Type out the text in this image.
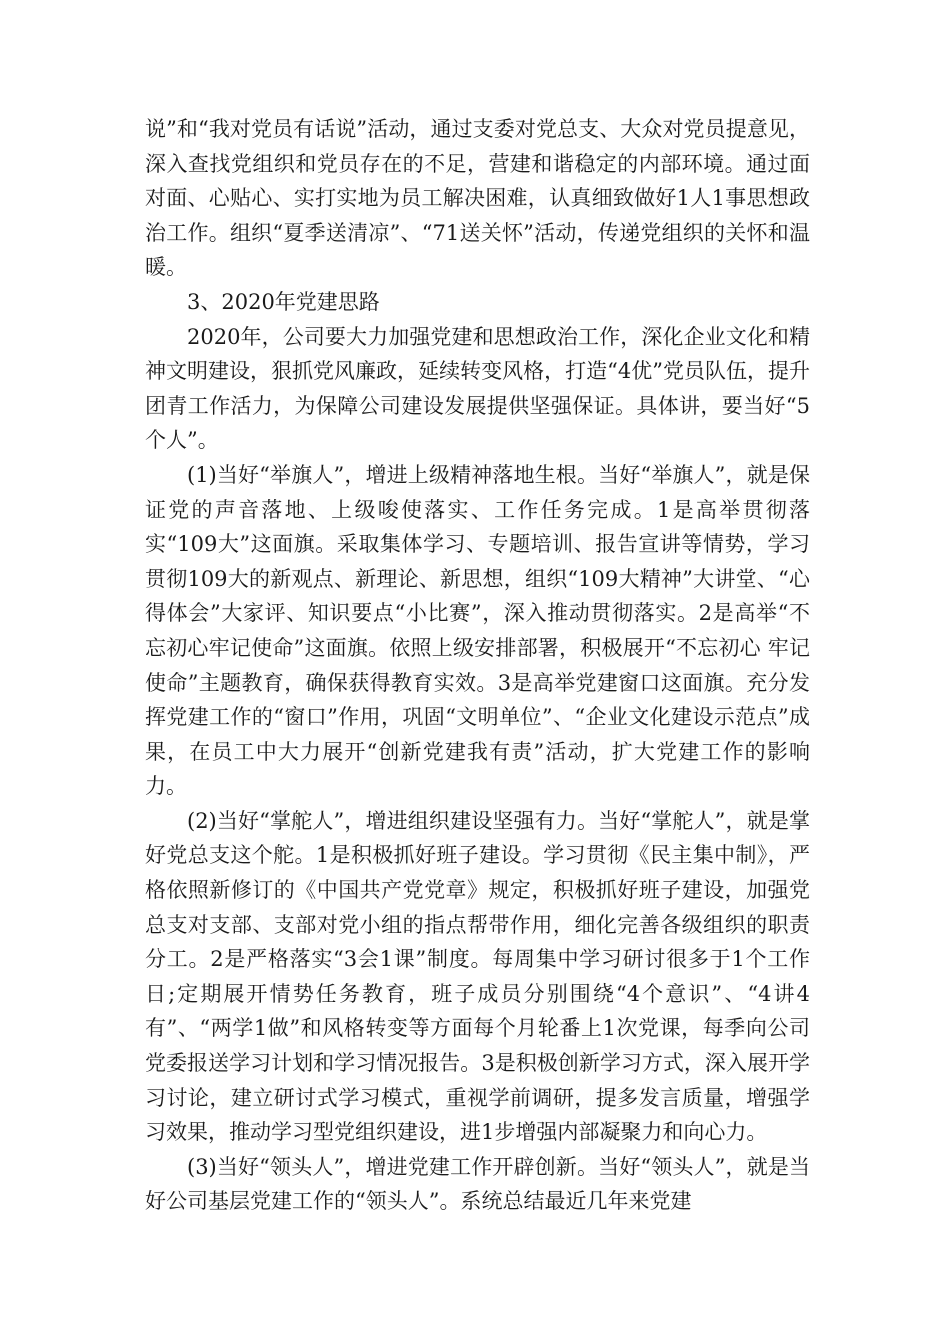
说”和“我对党员有话说”活动，通过支委对党总支、大众对党员提意见，深入查找党组织和党员存在的不足，营建和谐稳定的内部环境。通过面对面、心贴心、实打实地为员工解决困难，认真细致做好1人1事思想政治工作。组织“夏季送清凉”、“71送关怀”活动，传递党组织的关怀和温暖。

3、2020年党建思路

2020年，公司要大力加强党建和思想政治工作，深化企业文化和精神文明建设，狠抓党风廉政，延续转变风格，打造“4优”党员队伍，提升团青工作活力，为保障公司建设发展提供坚强保证。具体讲，要当好“5个人”。

(1)当好“举旗人”，增进上级精神落地生根。当好“举旗人”，就是保证党的声音落地、上级唆使落实、工作任务完成。1是高举贯彻落实“109大”这面旗。采取集体学习、专题培训、报告宣讲等情势，学习贯彻109大的新观点、新理论、新思想，组织“109大精神”大讲堂、“心得体会”大家评、知识要点“小比赛”，深入推动贯彻落实。2是高举“不忘初心牢记使命”这面旗。依照上级安排部署，积极展开“不忘初心 牢记使命”主题教育，确保获得教育实效。3是高举党建窗口这面旗。充分发挥党建工作的“窗口”作用，巩固“文明单位”、“企业文化建设示范点”成果，在员工中大力展开“创新党建我有责”活动，扩大党建工作的影响力。

(2)当好“掌舵人”，增进组织建设坚强有力。当好“掌舵人”，就是掌好党总支这个舵。1是积极抓好班子建设。学习贯彻《民主集中制》，严格依照新修订的《中国共产党党章》规定，积极抓好班子建设，加强党总支对支部、支部对党小组的指点帮带作用，细化完善各级组织的职责分工。2是严格落实“3会1课”制度。每周集中学习研讨很多于1个工作日;定期展开情势任务教育，班子成员分别围绕“4个意识”、“4讲4有”、“两学1做”和风格转变等方面每个月轮番上1次党课，每季向公司党委报送学习计划和学习情况报告。3是积极创新学习方式，深入展开学习讨论，建立研讨式学习模式，重视学前调研，提多发言质量，增强学习效果，推动学习型党组织建设，进1步增强内部凝聚力和向心力。

(3)当好“领头人”，增进党建工作开辟创新。当好“领头人”，就是当好公司基层党建工作的“领头人”。系统总结最近几年来党建
